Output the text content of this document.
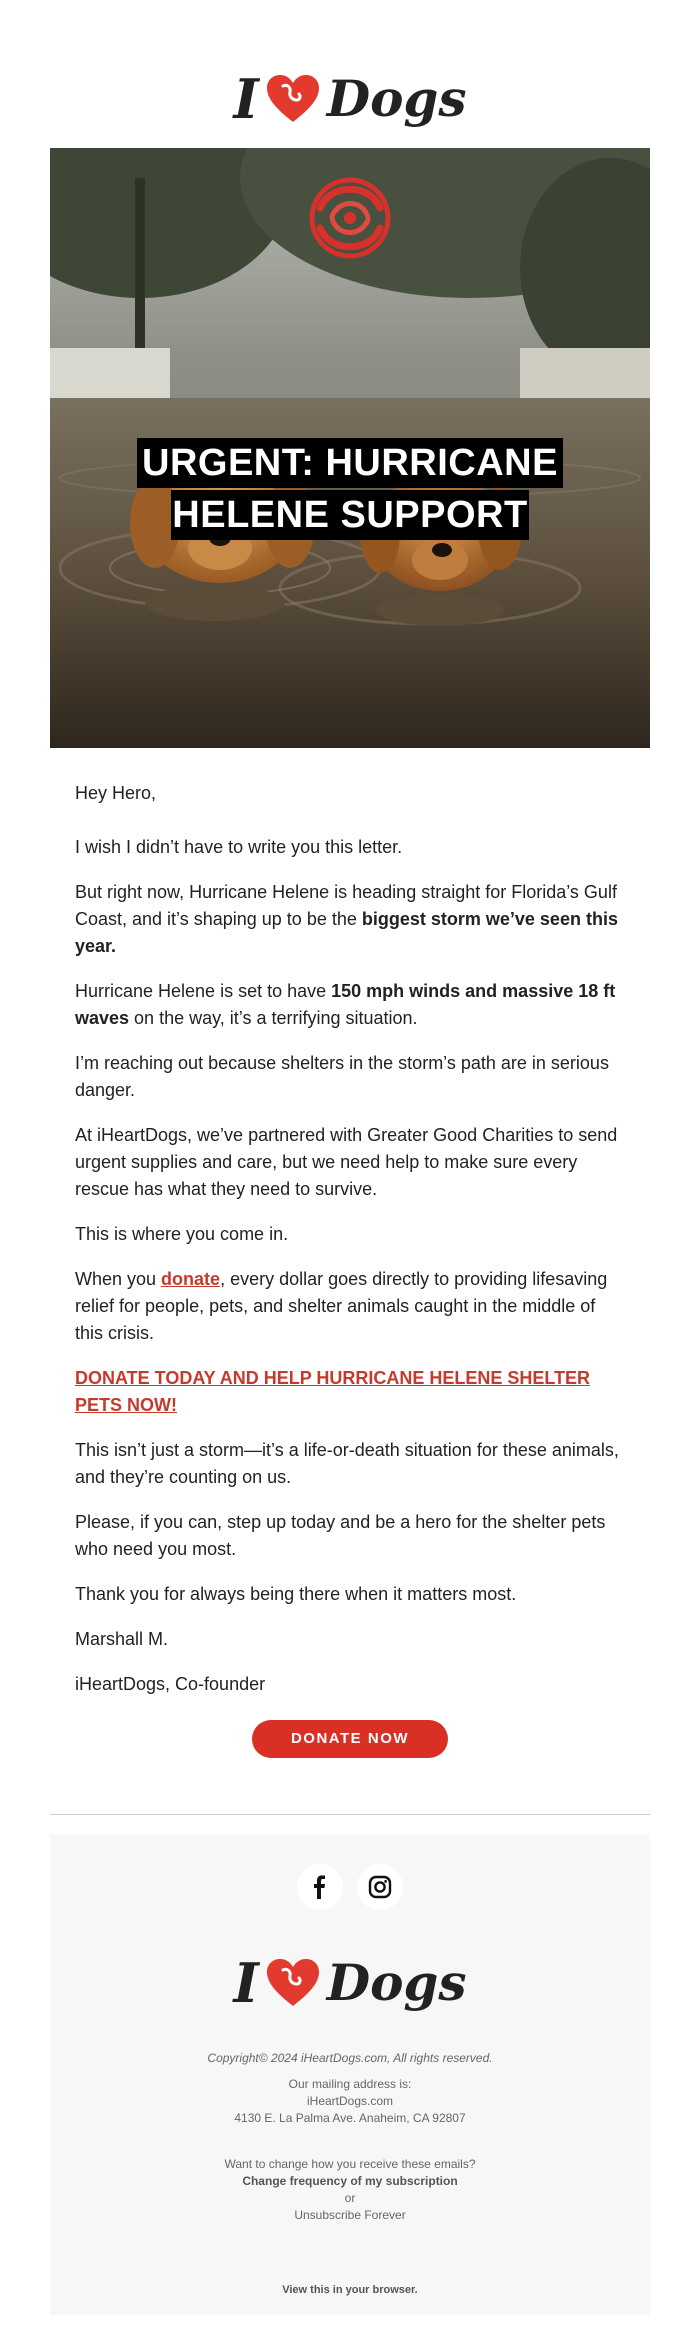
I Dogs
URGENT: HURRICANE
HELENE SUPPORT

Hey Hero,

I wish I didn’t have to write you this letter.

But right now, Hurricane Helene is heading straight for Florida’s Gulf Coast, and it’s shaping up to be the biggest storm we’ve seen this year.

Hurricane Helene is set to have 150 mph winds and massive 18 ft waves on the way, it’s a terrifying situation.

I’m reaching out because shelters in the storm’s path are in serious danger.

At iHeartDogs, we’ve partnered with Greater Good Charities to send urgent supplies and care, but we need help to make sure every rescue has what they need to survive.

This is where you come in.

When you donate, every dollar goes directly to providing lifesaving relief for people, pets, and shelter animals caught in the middle of this crisis.

DONATE TODAY AND HELP HURRICANE HELENE SHELTER PETS NOW!

This isn’t just a storm—it’s a life-or-death situation for these animals, and they’re counting on us.

Please, if you can, step up today and be a hero for the shelter pets who need you most.

Thank you for always being there when it matters most.

Marshall M.

iHeartDogs, Co-founder

DONATE NOW

I Dogs
Copyright© 2024 iHeartDogs.com, All rights reserved.
Our mailing address is:
iHeartDogs.com
4130 E. La Palma Ave. Anaheim, CA 92807
Want to change how you receive these emails?
Change frequency of my subscription
or
Unsubscribe Forever
View this in your browser.
